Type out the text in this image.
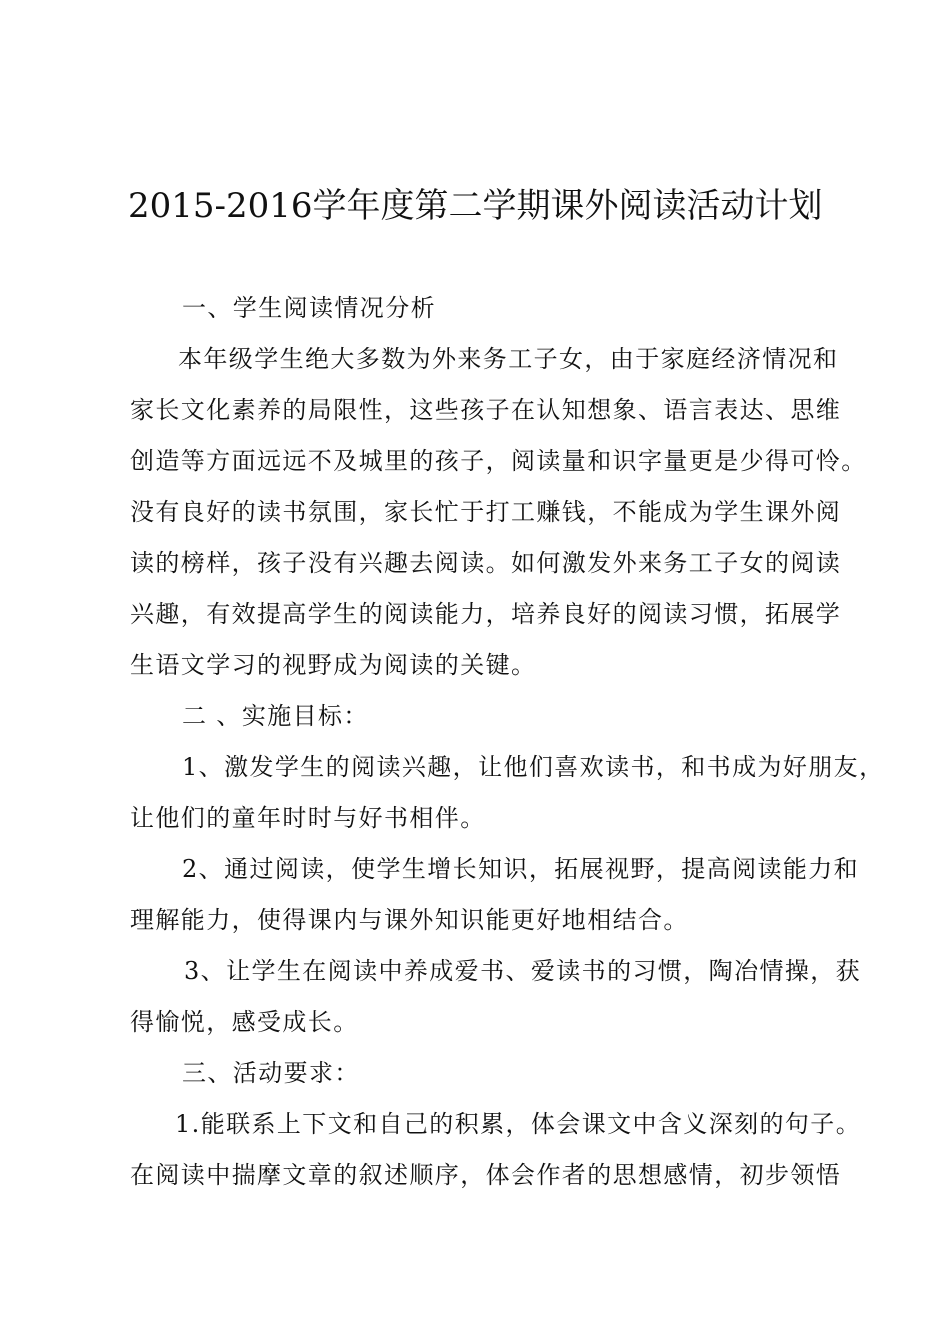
2015-2016学年度第二学期课外阅读活动计划
一、学生阅读情况分析
本年级学生绝大多数为外来务工子女，由于家庭经济情况和
家长文化素养的局限性，这些孩子在认知想象、语言表达、思维
创造等方面远远不及城里的孩子，阅读量和识字量更是少得可怜。
没有良好的读书氛围，家长忙于打工赚钱，不能成为学生课外阅
读的榜样，孩子没有兴趣去阅读。如何激发外来务工子女的阅读
兴趣，有效提高学生的阅读能力，培养良好的阅读习惯，拓展学
生语文学习的视野成为阅读的关键。
二 、实施目标：
1、激发学生的阅读兴趣，让他们喜欢读书，和书成为好朋友，
让他们的童年时时与好书相伴。
2、通过阅读，使学生增长知识，拓展视野，提高阅读能力和
理解能力，使得课内与课外知识能更好地相结合。
3、让学生在阅读中养成爱书、爱读书的习惯，陶冶情操，获
得愉悦，感受成长。
三、活动要求：
1.能联系上下文和自己的积累，体会课文中含义深刻的句子。
在阅读中揣摩文章的叙述顺序，体会作者的思想感情，初步领悟
